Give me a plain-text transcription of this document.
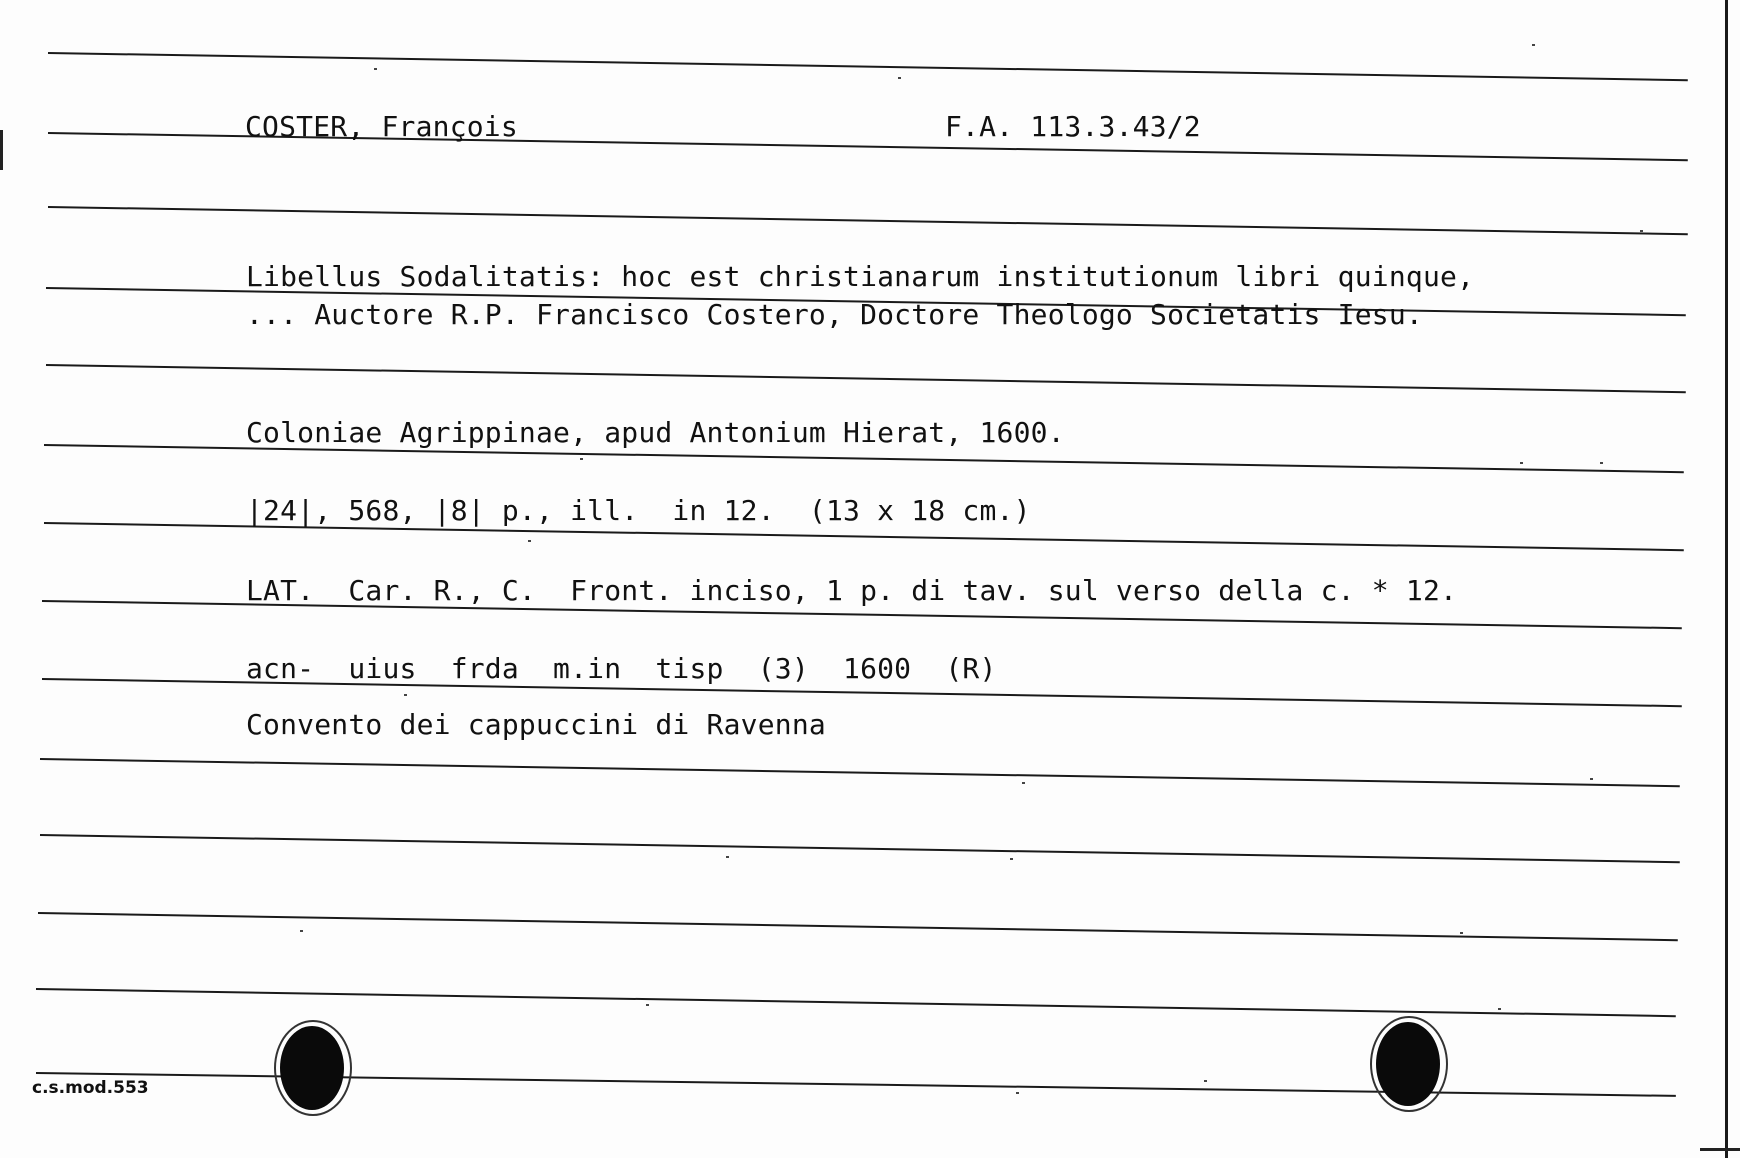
COSTER, François	F.A. 113.3.43/2
Libellus Sodalitatis: hoc est christianarum institutionum libri quinque,
... Auctore R.P. Francisco Costero, Doctore Theologo Societatis Iesu.
Coloniae Agrippinae, apud Antonium Hierat, 1600.
|24|, 568, |8| p., ill.  in 12.  (13 x 18 cm.)
LAT.  Car. R., C.  Front. inciso, 1 p. di tav. sul verso della c. * 12.
acn-  uius  frda  m.in  tisp  (3)  1600  (R)
Convento dei cappuccini di Ravenna
c.s.mod.553
